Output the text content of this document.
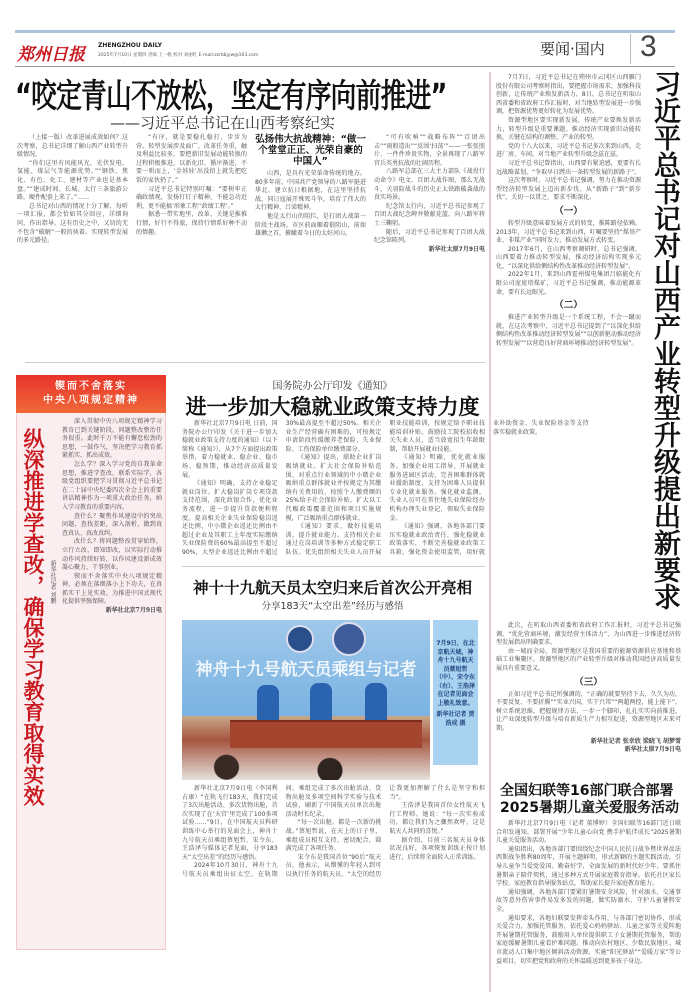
郑州日报	ZHENGZHOU DAILY
2025年7月10日 星期四 责编 上一帆 校对 刘丽红 E-mail:zzrbbjyw@163.com	要闻·国内 3
“咬定青山不放松，坚定有序向前推进”
——习近平总书记在山西考察纪实

（上接一版）改革进展成效如何？这次考察，总书记详细了解山西产业转型升级情况。

“你们这里有风能风光、光伏发电、氢能、煤层气等能源优势。”“钢铁、焦化、有色、化工、建材等产业也是基本盘。”“建成时间、长城、太行三条旅游公路，硬件配套上来了。”……

总书记对山西的情况十分了解，每听一项汇报，都会恰如其分回应，详细询问，作出指导。这有历史之中，又切的无不包含”破解”一般的执着。实现转型发展的多元路径。

“有序，就是要稳扎稳打，步步为营。转型发展涉及面广、改革任务重，触及利益比较多，要把新旧发展动能转换的过程积极推进，以新化旧、循序渐进，不要一哄而上，‘金娃娃’出没拍上就先把吃饭的家伙扔了。”

习近平总书记特别叮嘱：“要树牢正确政绩观，发扬钉钉子精神，不能急功近利，更不能搞‘形象工程’‘政绩工程’。”

据悉一带实地里，改革、关键是推推行情，好行不得旅，保持行情系好种不动的情趣。

弘扬伟大抗战精神：“做一个堂堂正正、光荣自豪的中国人”

山西，是具有光荣革命传统的地方。80多年前，中国共产党领导的八路军挺进华北，建立抗日根据地，在这里坚持抗战，同日寇展开殊死斗争，培育了伟大的太行精神、吕梁精神。

他是太行山的阻拦，是打团大战第一阶段主战场。市区前面顺着狼阻山，前如雄狮之首，俯瞰着今日的太好河山。

“可有吹响”“战略布阵”“百团出击”“雨般造出”“反围‘扫荡’”——一张张照片、一件件珍贵实物，全景再现了八路军官兵英勇抗战的壮阔历程。

八路军总部在三大主力部队《战役行动命令》电文、百团大战作图，那么无战斗，关羽险战斗的历史正太铁路破袭战的真实场景。

纪念馆太行内，习近平总书记参观了百团大战纪念碑并敬献花篮，向八路军将士三鞠躬。

随后，习近平总书记参观了百团大战纪念馆陈列。

新华社太原7月9日电

7月7日，习近平总书记在朔州市云冈区山西雁门股份有限公司考察时指出，要把握市场需求，加强科技创新，让传统产业焕发新活力。8日，总书记在听取山西省委和省政府工作汇报时，对当地转型发展进一步强调，把资源优势更好转化为发展优势。

资源型地区要实现新发展，传统产业要焕发新活力，转型升级是重要课题。推动经济实现新旧动能转换，关键在结构的调整、产业的转型。

党的十八大以来，习近平总书记多次来到山西，走进厂房、车间，对当地产业转型升级念兹在兹。

习近平总书记曾指出，山西要有紧迫感，更要有长远战略谋划，“争取早日蹚出一条转型发展的新路子”。

这次考察时，习近平总书记强调，努力在推动资源型经济转型发展上迈出新步伐。从“新路子”到“新步伐”，关切一以贯之，要求不断深化。

（一）

转型升级意味着发展方式的转变，推陈路径依赖。2013年，习近平总书记来到山西，叮嘱要坚持“煤基产业、非煤产业”同时发力，推动发展方式转变。

2017年6月，在山西考察调研时，总书记强调，山西要着力推动转型发展，推动经济结构实现多元化，“以深化供给侧结构性改革推动经济转型发展”。

2022年1月，来到山西霍州煤电集团吕临能化有限公司庞庞塔煤矿，习近平总书记强调，推动能源革命，要有长远眼光。

（二）

推进产业转型升级是一个系统工程，不会一蹴而就。在这次考察中，习近平总书记提到了“以深化供给侧结构性改革推动经济转型发展”“以创新驱动推动经济转型发展”“以营造良好营商环境推动经济转型发展”。 习近平总书记对山西产业转型升级提出新要求

此次，在听取山西省委和省政府工作汇报时，习近平总书记强调，“优化营商环境，激发经营主体活力”，为山西进一步推进经济转型发展指出明确要求。

由一城而全局，资源型地区是我国重要的能源资源供应基地和基础工业集聚区，资源型地区的产业转型升级对推动我国经济高质量发展具有重要意义。

（三）

正如习近平总书记所强调的，“正确的就要坚持下去，久久为功，不要反复、不要折腾”“实业兴国，实干兴邦”“两超两控，能上能下”。树立系统思维，把握规律方法，一步一个脚印，扎扎实实向前推进，让产业深度转型升级与培育新质生产力相互促进，资源型地区未来可期。

新华社记者 张幸欣 梁晓飞 胡梦雪

新华社太原7月9日电

全国妇联等16部门联合部署
2025暑期儿童关爱服务活动

新华社北京7月9日电（记者 董博婷）全国妇联等16部门近日联合印发通知，部署开展“少年儿童心向党 携手护航伴成长”2025暑期儿童关爱服务活动。

通知指出，各地各部门要围绕纪念中国人民抗日战争暨世界反法西斯战争胜利80周年，开展主题鲜明、形式新颖的主题实践活动，引导儿童争当爱党爱国、勤奋好学、全面发展的新时代好少年。要抓住暑期亲子陪伴契机，通过多种方式开展家庭教育指导，依托社区家长学校、家庭教育指导服务站点，帮助家长提升家庭教育能力。

通知强调，各地各部门要紧盯暑期安全风险，针对溺水、交通事故等意外伤害事件易发多发的问题，做实防溺水、守护儿童暑假安全。

通知要求，各地妇联要发挥牵头作用，与各部门密切协作，形成关爱合力，加强托管服务，依托爱心妈妈驿站、儿童之家等关爱阵地开展暑期托管服务，鼓励用人单位提供职工子女暑期托管服务，帮助家庭缓解暑期儿童看护难问题。推动向农村地区、少数民族地区、城市流动人口集中地区倾斜活动资源，实施“阳光驿站”“爱暖万家”等公益项目，切实把党和政府的关怀温暖送到更多孩子身边。

锲而不舍落实
中央八项规定精神
纵深推进学查改，确保学习教育取得实效 新华社记者 刘鹏

深入贯彻中央八项规定精神学习教育已到关键阶段，问题整改整治任务很重。此时千万不能有懈怠松劲的思想，一鼓作气，坚决把学习教育抓紧抓实、抓出成效。

怎么学？深入学习党的自我革命思想，推进学查改，联系实际学，各级党组织要把学习贯彻习近平总书记在二十届中央纪委四次全会上的重要讲话精神作为一项重大政治任务，纳入学习教育的重要内容。

查什么？聚焦作风建设中的突出问题，查找差距，深入剖析，做到真查真认、真改真纠。

改什么？将问题整改贯穿始终，立行立改、即知即改，以实际行动推动作风持续好转，以作风建设新成效凝心聚力、干事创业。

锲而不舍落实中央八项规定精神，必须在落细落小上下功夫，在真抓实干上见实效，为推进中国式现代化提供坚强保障。

新华社北京7月9日电

国务院办公厅印发《通知》
进一步加大稳就业政策支持力度

新华社北京7月9日电 日前，国务院办公厅印发《关于进一步加大稳就业政策支持力度的通知》（以下简称《通知》），从7个方面提出政策举措，着力稳就业、稳企业、稳市场、稳预期，推动经济高质量发展。

《通知》明确，支持企业稳定就业岗位。扩大稳岗扩岗专项贷款支持范围，深化政银合作，优化业务流程，进一步提升贷款便利程度。提高相关企业失业保险稳岗返还比例，中小微企业返还比例由不超过企业及其职工上年度实际缴纳失业保险费的60%最高提至不超过90%，大型企业返还比例由不超过30%最高提至不超过50%。相关企业生产经营确有困难的，可按规定申请阶段性缓缴养老保险、失业保险、工伤保险单位缴费部分。

《通知》提出，鼎助企业扩岗吸纳就业。扩大社会保险补贴范围，对重点行业领域的中小微企业吸纳重点群体就业并按规定为其缴纳有关费用的，按照个人缴费额的25%给予社会保险补贴。扩大以工代赈政策覆盖范围和项目实施规模，广泛吸纳重点群体就业。

《通知》要求，做好技能培训，提升就业能力。支持相关企业通过在岗培训等多种方式稳定职工队伍。优先组织相关失业人员开展职业技能培训，按规定给予职业技能培训补贴。鼓励技工院校招收相关失业人员，适当放宽招生年龄限制，帮助开展就业技能。

《通知》明确，优化就业服务。加强企业用工指导，开展就业服务进园区活动，完善困难群体就业援助制度，支持为困难人员提供专业化就业服务。强化就业监测，失业人员可在常住地失业保险经办机构办理失业登记，领取失业保险金。

《通知》强调，各地各部门要压实稳就业政治责任，强化稳就业政策落实，不断完善稳就业政策工具箱，强化资金使用监管，用好就业补助资金、失业保险基金等支持落实稳就业政策。

神十十九航天员太空归来后首次公开亮相
分享183天“太空出差”经历与感悟
神舟十九号航天员乘组与记者
7月9日，在北京航天城，神舟十九号航天员蔡旭哲（中）、宋令东（右）、王浩泽在记者见面会上敬礼致意。
新华社记者 贾浩成 摄

新华社北京7月9日电（李国利 占康）“在轨飞行183天，我们完成了3次出舱活动、多次货物出舱，首次实现了在‘天宫’里完成了100多项试验……”9日，在中国航天员科研训练中心举行的见面会上，神舟十九号航天员乘组蔡旭哲、宋令东、王浩泽与媒体记者见面，分享183天“太空出差”的经历与感悟。

2024年10月30日，神舟十九号航天员乘组出征太空，在轨期间，乘组完成了多次出舱活动、货物出舱及多项空间科学实验与技术试验，刷新了中国航天员单次出舱活动时长纪录。

“每一次出舱，都是一次新的挑战。”蔡旭哲说，在天上的日子里，乘组成员相互支持、密切配合，圆满完成了各项任务。

宋令东是我国首位“90后”航天员，他表示，从懵懂的年轻人到可以执行任务的航天员，“太空的经历让我更加理解了什么是坚守和担当”。

王浩泽是我国首位女性航天飞行工程师。她说：“每一次实验成功，都让我们为之骤然欢呼，这是航天人共同的喜悦。”

据介绍，目前三名航天员身体状况良好，各项恢复训练正按计划进行，后续将全面转入正常训练。
